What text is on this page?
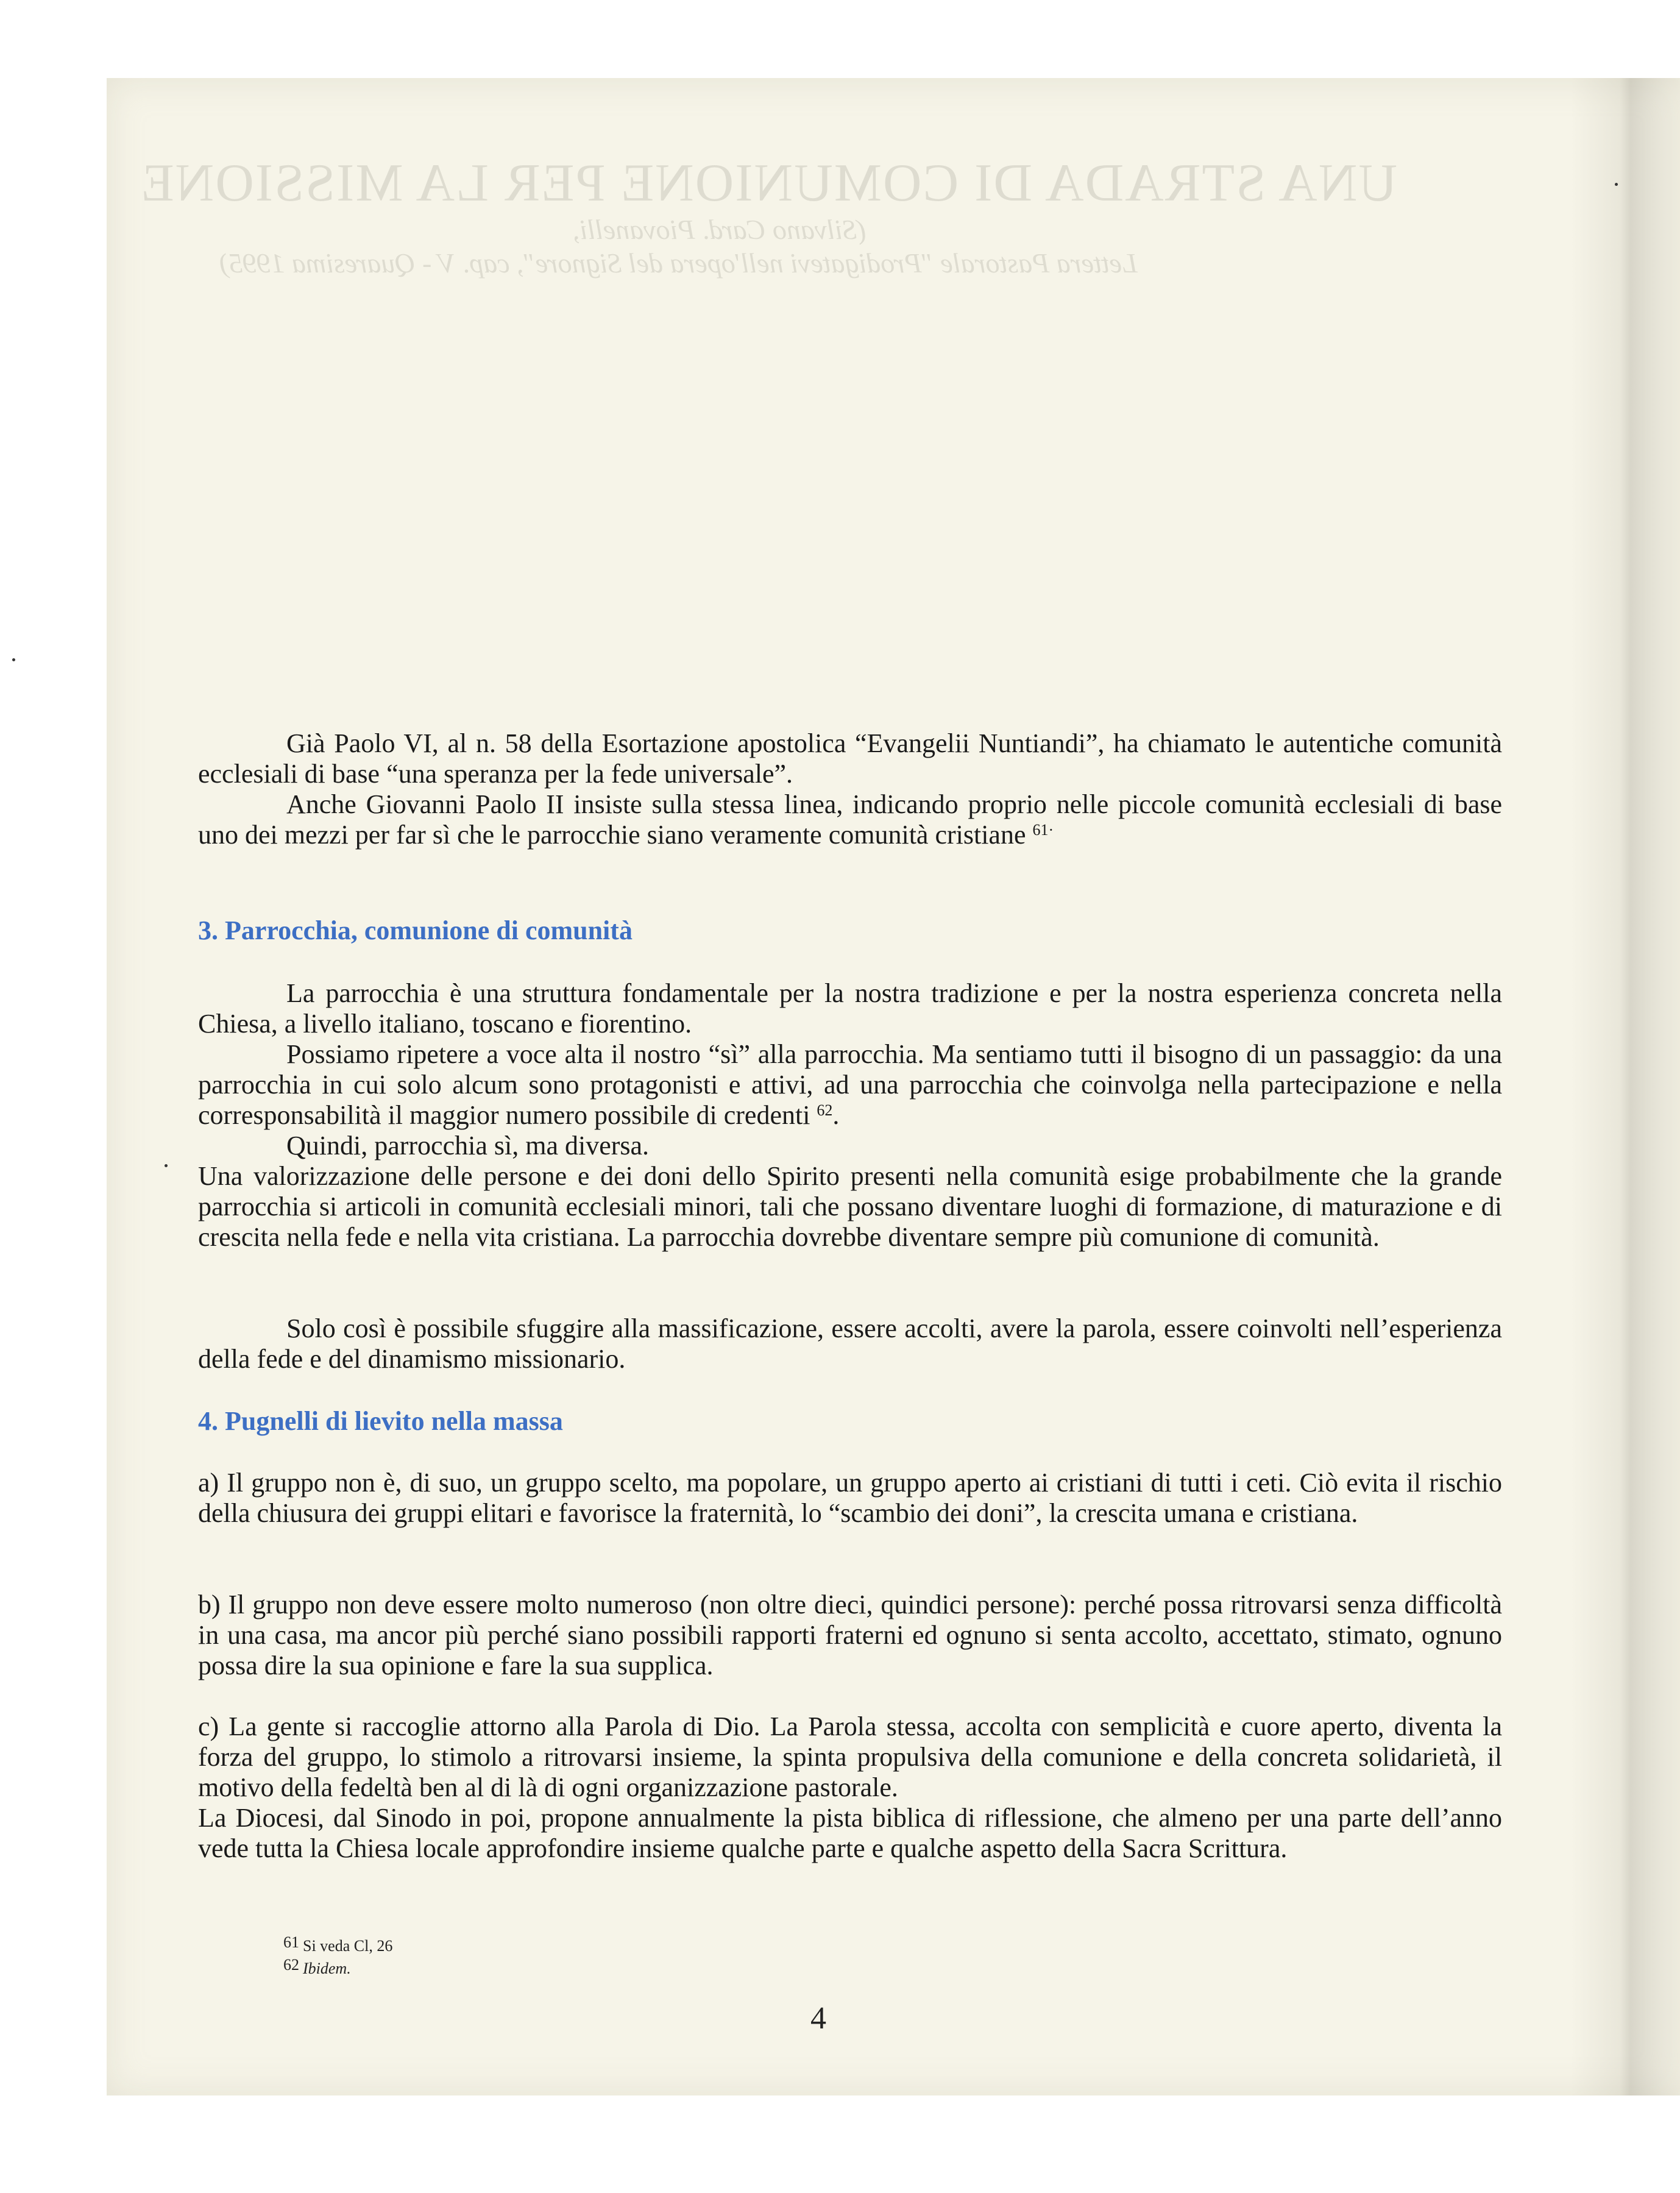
UNA STRADA DI COMUNIONE PER LA MISSIONE
(Silvano Card. Piovanelli,
Lettera Pastorale "Prodigatevi nell'opera del Signore", cap. V - Quaresima 1995)

Già Paolo VI, al n. 58 della Esortazione apostolica “Evangelii Nuntiandi”, ha chiamato le autentiche comunità ecclesiali di base “una speranza per la fede universale”.

Anche Giovanni Paolo II insiste sulla stessa linea, indicando proprio nelle piccole comunità ecclesiali di base uno dei mezzi per far sì che le parrocchie siano veramente comunità cristiane $^{61\cdot}$

3. Parrocchia, comunione di comunità

La parrocchia è una struttura fondamentale per la nostra tradizione e per la nostra esperienza concreta nella Chiesa, a livello italiano, toscano e fiorentino.

Possiamo ripetere a voce alta il nostro “sì” alla parrocchia. Ma sentiamo tutti il bisogno di un passaggio: da una parrocchia in cui solo alcum sono protagonisti e attivi, ad una parrocchia che coinvolga nella partecipazione e nella corresponsabilità il maggior numero possibile di credenti $^{62}$.

Quindi, parrocchia sì, ma diversa.

Una valorizzazione delle persone e dei doni dello Spirito presenti nella comunità esige probabilmente che la grande parrocchia si articoli in comunità ecclesiali minori, tali che possano diventare luoghi di formazione, di maturazione e di crescita nella fede e nella vita cristiana. La parrocchia dovrebbe diventare sempre più comunione di comunità.

Solo così è possibile sfuggire alla massificazione, essere accolti, avere la parola, essere coinvolti nell’esperienza della fede e del dinamismo missionario.

4. Pugnelli di lievito nella massa

a) Il gruppo non è, di suo, un gruppo scelto, ma popolare, un gruppo aperto ai cristiani di tutti i ceti. Ciò evita il rischio della chiusura dei gruppi elitari e favorisce la fraternità, lo “scambio dei doni”, la crescita umana e cristiana.

b) Il gruppo non deve essere molto numeroso (non oltre dieci, quindici persone): perché possa ritrovarsi senza difficoltà in una casa, ma ancor più perché siano possibili rapporti fraterni ed ognuno si senta accolto, accettato, stimato, ognuno possa dire la sua opinione e fare la sua supplica.

c) La gente si raccoglie attorno alla Parola di Dio. La Parola stessa, accolta con semplicità e cuore aperto, diventa la forza del gruppo, lo stimolo a ritrovarsi insieme, la spinta propulsiva della comunione e della concreta solidarietà, il motivo della fedeltà ben al di là di ogni organizzazione pastorale.

La Diocesi, dal Sinodo in poi, propone annualmente la pista biblica di riflessione, che almeno per una parte dell’anno vede tutta la Chiesa locale approfondire insieme qualche parte e qualche aspetto della Sacra Scrittura.

$^{61}$ Si veda Cl, 26
$^{62}$ Ibidem.
4
